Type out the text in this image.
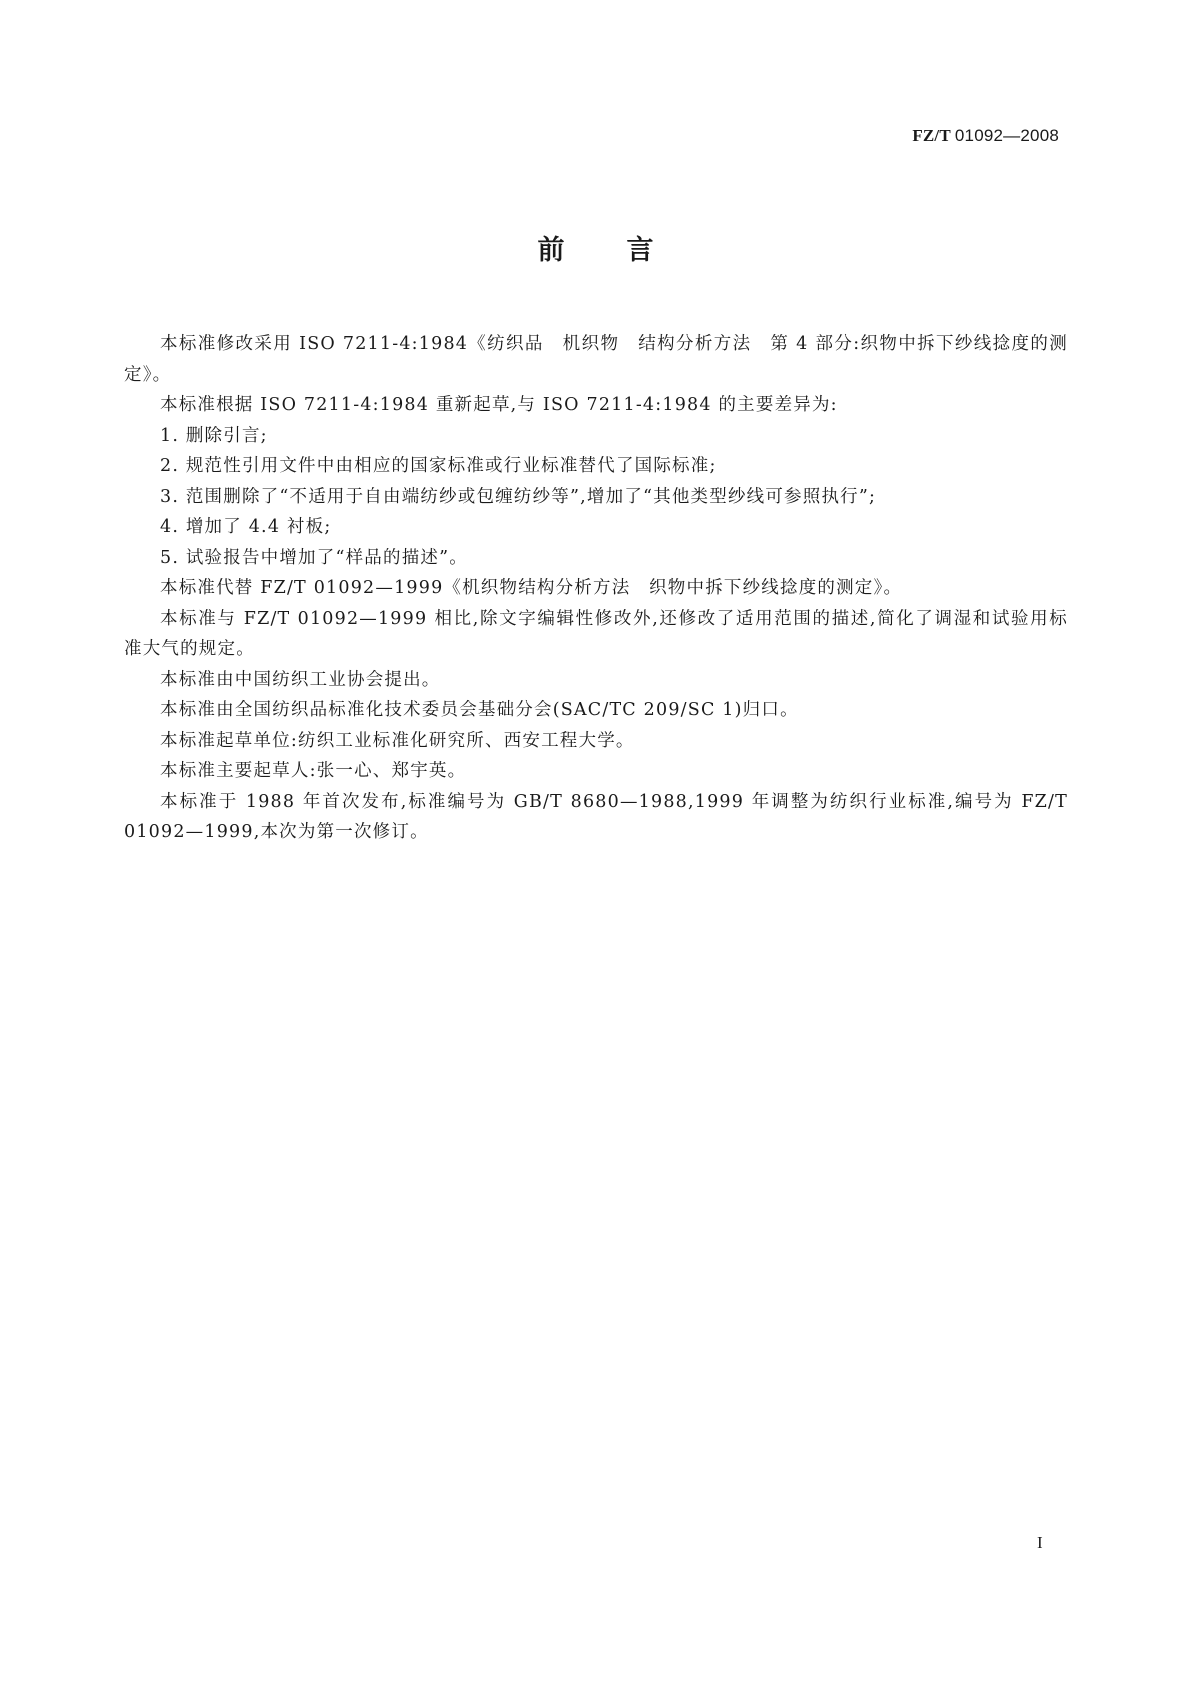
FZ/T 01092—2008
前 言

本标准修改采用 ISO 7211-4:1984《纺织品　机织物　结构分析方法　第 4 部分:织物中拆下纱线捻度的测定》。

本标准根据 ISO 7211-4:1984 重新起草,与 ISO 7211-4:1984 的主要差异为:

1. 删除引言;

2. 规范性引用文件中由相应的国家标准或行业标准替代了国际标准;

3. 范围删除了“不适用于自由端纺纱或包缠纺纱等”,增加了“其他类型纱线可参照执行”;

4. 增加了 4.4 衬板;

5. 试验报告中增加了“样品的描述”。

本标准代替 FZ/T 01092—1999《机织物结构分析方法　织物中拆下纱线捻度的测定》。

本标准与 FZ/T 01092—1999 相比,除文字编辑性修改外,还修改了适用范围的描述,简化了调湿和试验用标准大气的规定。

本标准由中国纺织工业协会提出。

本标准由全国纺织品标准化技术委员会基础分会(SAC/TC 209/SC 1)归口。

本标准起草单位:纺织工业标准化研究所、西安工程大学。

本标准主要起草人:张一心、郑宇英。

本标准于 1988 年首次发布,标准编号为 GB/T 8680—1988,1999 年调整为纺织行业标准,编号为 FZ/T 01092—1999,本次为第一次修订。

I
